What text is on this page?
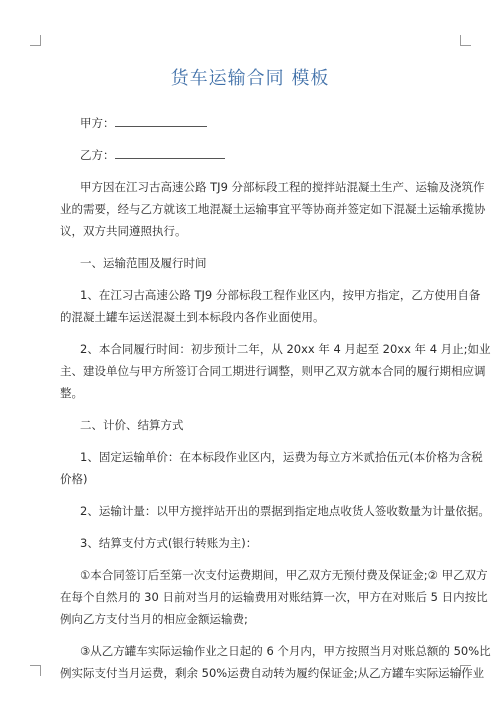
货车运输合同 模板
甲方：
乙方：
甲方因在江习古高速公路 TJ9 分部标段工程的搅拌站混凝土生产、运输及浇筑作
业的需要，经与乙方就该工地混凝土运输事宜平等协商并签定如下混凝土运输承揽协
议，双方共同遵照执行。
一、运输范围及履行时间
1、在江习古高速公路 TJ9 分部标段工程作业区内，按甲方指定，乙方使用自备
的混凝土罐车运送混凝土到本标段内各作业面使用。
2、本合同履行时间：初步预计二年，从 20xx 年 4 月起至 20xx 年 4 月止;如业
主、建设单位与甲方所签订合同工期进行调整，则甲乙双方就本合同的履行期相应调
整。
二、计价、结算方式
1、固定运输单价：在本标段作业区内，运费为每立方米贰拾伍元(本价格为含税
价格)
2、运输计量：以甲方搅拌站开出的票据到指定地点收货人签收数量为计量依据。
3、结算支付方式(银行转账为主)：
①本合同签订后至第一次支付运费期间，甲乙双方无预付费及保证金;② 甲乙双方
在每个自然月的 30 日前对当月的运输费用对账结算一次，甲方在对账后 5 日内按比
例向乙方支付当月的相应金额运输费;
③从乙方罐车实际运输作业之日起的 6 个月内，甲方按照当月对账总额的 50%比
例实际支付当月运费，剩余 50%运费自动转为履约保证金;从乙方罐车实际运输作业
